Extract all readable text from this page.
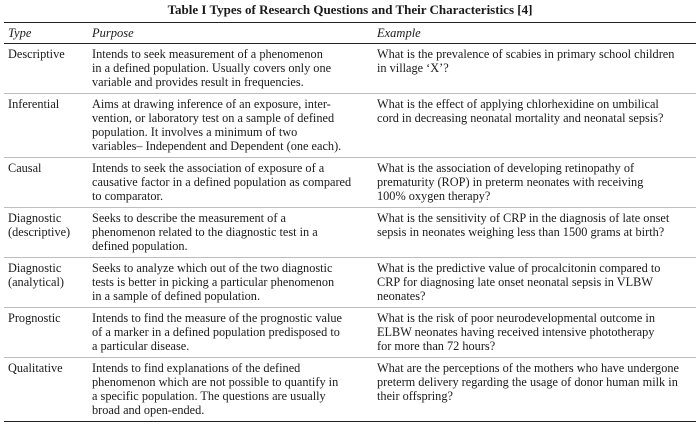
Table I Types of Research Questions and Their Characteristics [4]
Type	Purpose	Example
Descriptive	Intends to seek measurement of a phenomenon
in a defined population. Usually covers only one
variable and provides result in frequencies.	What is the prevalence of scabies in primary school children
in village ‘X’?
Inferential	Aims at drawing inference of an exposure, inter-
vention, or laboratory test on a sample of defined
population. It involves a minimum of two
variables– Independent and Dependent (one each).	What is the effect of applying chlorhexidine on umbilical
cord in decreasing neonatal mortality and neonatal sepsis?
Causal	Intends to seek the association of exposure of a
causative factor in a defined population as compared
to comparator.	What is the association of developing retinopathy of
prematurity (ROP) in preterm neonates with receiving
100% oxygen therapy?
Diagnostic
(descriptive)	Seeks to describe the measurement of a
phenomenon related to the diagnostic test in a
defined population.	What is the sensitivity of CRP in the diagnosis of late onset
sepsis in neonates weighing less than 1500 grams at birth?
Diagnostic
(analytical)	Seeks to analyze which out of the two diagnostic
tests is better in picking a particular phenomenon
in a sample of defined population.	What is the predictive value of procalcitonin compared to
CRP for diagnosing late onset neonatal sepsis in VLBW
neonates?
Prognostic	Intends to find the measure of the prognostic value
of a marker in a defined population predisposed to
a particular disease.	What is the risk of poor neurodevelopmental outcome in
ELBW neonates having received intensive phototherapy
for more than 72 hours?
Qualitative	Intends to find explanations of the defined
phenomenon which are not possible to quantify in
a specific population. The questions are usually
broad and open-ended.	What are the perceptions of the mothers who have undergone
preterm delivery regarding the usage of donor human milk in
their offspring?
